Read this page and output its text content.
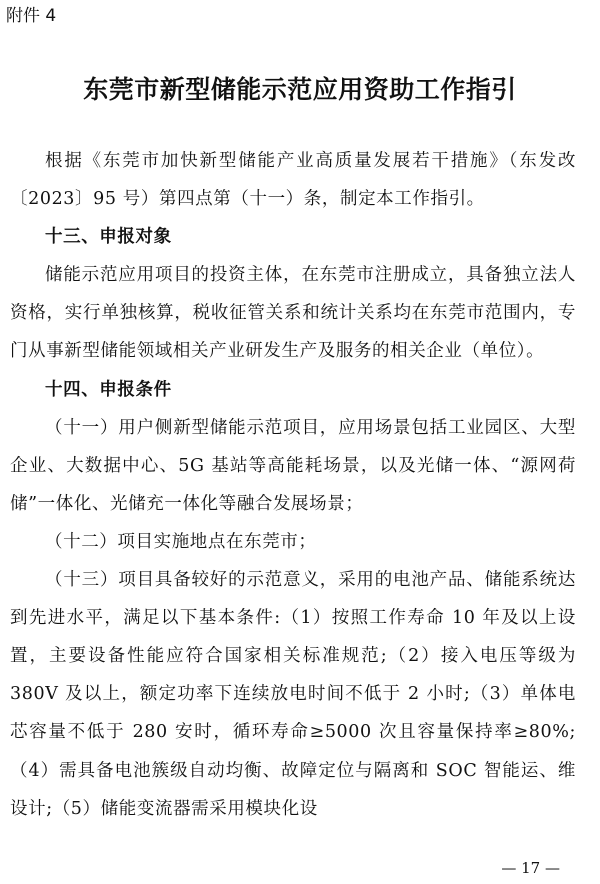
附件 4
东莞市新型储能示范应用资助工作指引

根据《东莞市加快新型储能产业高质量发展若干措施》（东发改〔2023〕95 号）第四点第（十一）条，制定本工作指引。

十三、申报对象

储能示范应用项目的投资主体，在东莞市注册成立，具备独立法人资格，实行单独核算，税收征管关系和统计关系均在东莞市范围内，专门从事新型储能领域相关产业研发生产及服务的相关企业（单位）。

十四、申报条件

（十一）用户侧新型储能示范项目，应用场景包括工业园区、大型企业、大数据中心、5G 基站等高能耗场景，以及光储一体、“源网荷储”一体化、光储充一体化等融合发展场景；

（十二）项目实施地点在东莞市；

（十三）项目具备较好的示范意义，采用的电池产品、储能系统达到先进水平，满足以下基本条件:（1）按照工作寿命 10 年及以上设置，主要设备性能应符合国家相关标准规范;（2）接入电压等级为 380V 及以上，额定功率下连续放电时间不低于 2 小时;（3）单体电芯容量不低于 280 安时，循环寿命≥5000 次且容量保持率≥80%;（4）需具备电池簇级自动均衡、故障定位与隔离和 SOC 智能运、维设计;（5）储能变流器需采用模块化设

— 17 —
